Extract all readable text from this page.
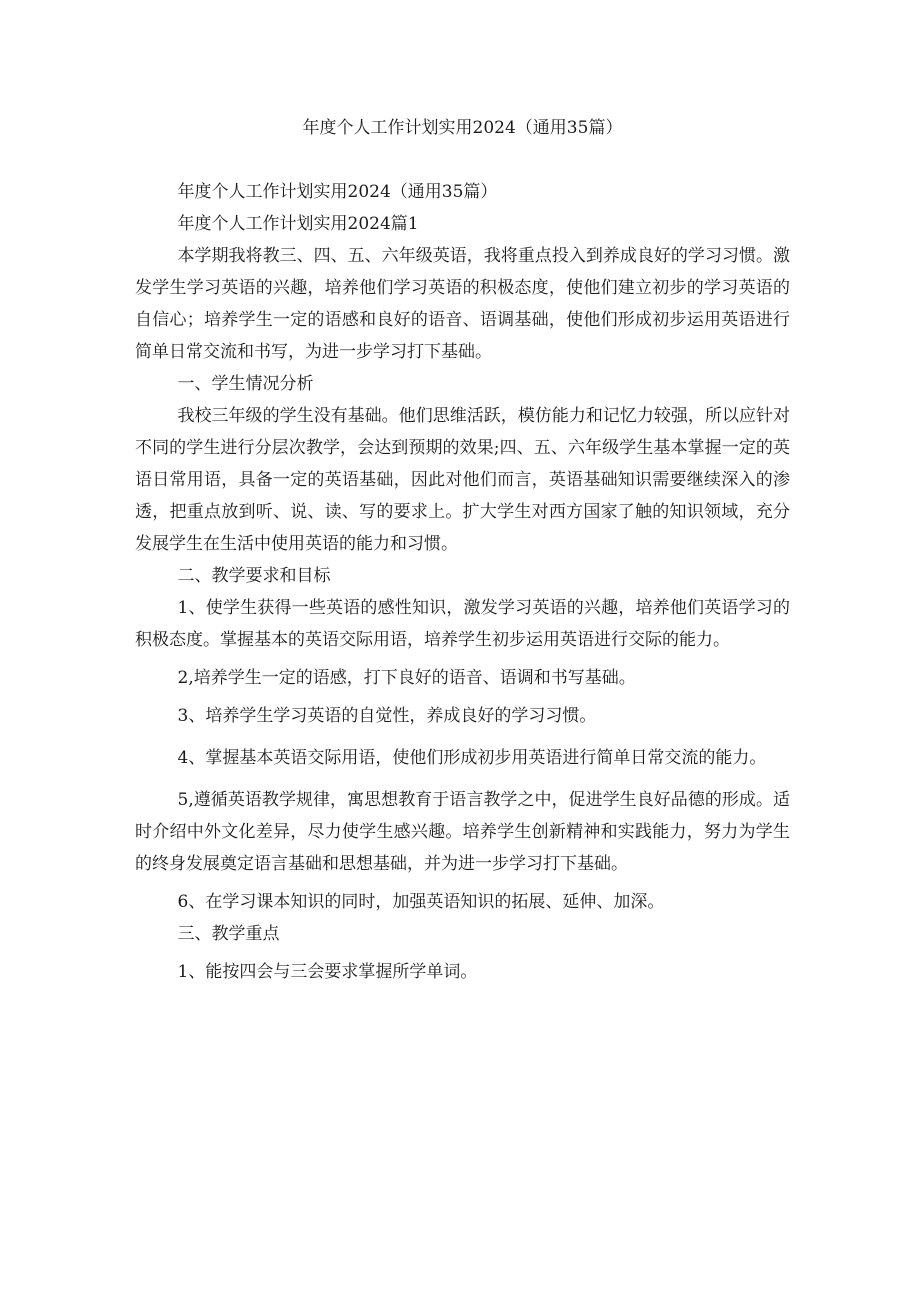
年度个人工作计划实用2024（通用35篇）

年度个人工作计划实用2024（通用35篇）

年度个人工作计划实用2024篇1

本学期我将教三、四、五、六年级英语，我将重点投入到养成良好的学习习惯。激发学生学习英语的兴趣，培养他们学习英语的积极态度，使他们建立初步的学习英语的自信心；培养学生一定的语感和良好的语音、语调基础，使他们形成初步运用英语进行简单日常交流和书写，为进一步学习打下基础。

一、学生情况分析

我校三年级的学生没有基础。他们思维活跃，模仿能力和记忆力较强，所以应针对不同的学生进行分层次教学，会达到预期的效果;四、五、六年级学生基本掌握一定的英语日常用语，具备一定的英语基础，因此对他们而言，英语基础知识需要继续深入的渗透，把重点放到听、说、读、写的要求上。扩大学生对西方国家了触的知识领域，充分发展学生在生活中使用英语的能力和习惯。

二、教学要求和目标

1、使学生获得一些英语的感性知识，激发学习英语的兴趣，培养他们英语学习的积极态度。掌握基本的英语交际用语，培养学生初步运用英语进行交际的能力。

2,培养学生一定的语感，打下良好的语音、语调和书写基础。

3、培养学生学习英语的自觉性，养成良好的学习习惯。

4、掌握基本英语交际用语，使他们形成初步用英语进行简单日常交流的能力。

5,遵循英语教学规律，寓思想教育于语言教学之中，促进学生良好品德的形成。适时介绍中外文化差异，尽力使学生感兴趣。培养学生创新精神和实践能力，努力为学生的终身发展奠定语言基础和思想基础，并为进一步学习打下基础。

6、在学习课本知识的同时，加强英语知识的拓展、延伸、加深。

三、教学重点

1、能按四会与三会要求掌握所学单词。
